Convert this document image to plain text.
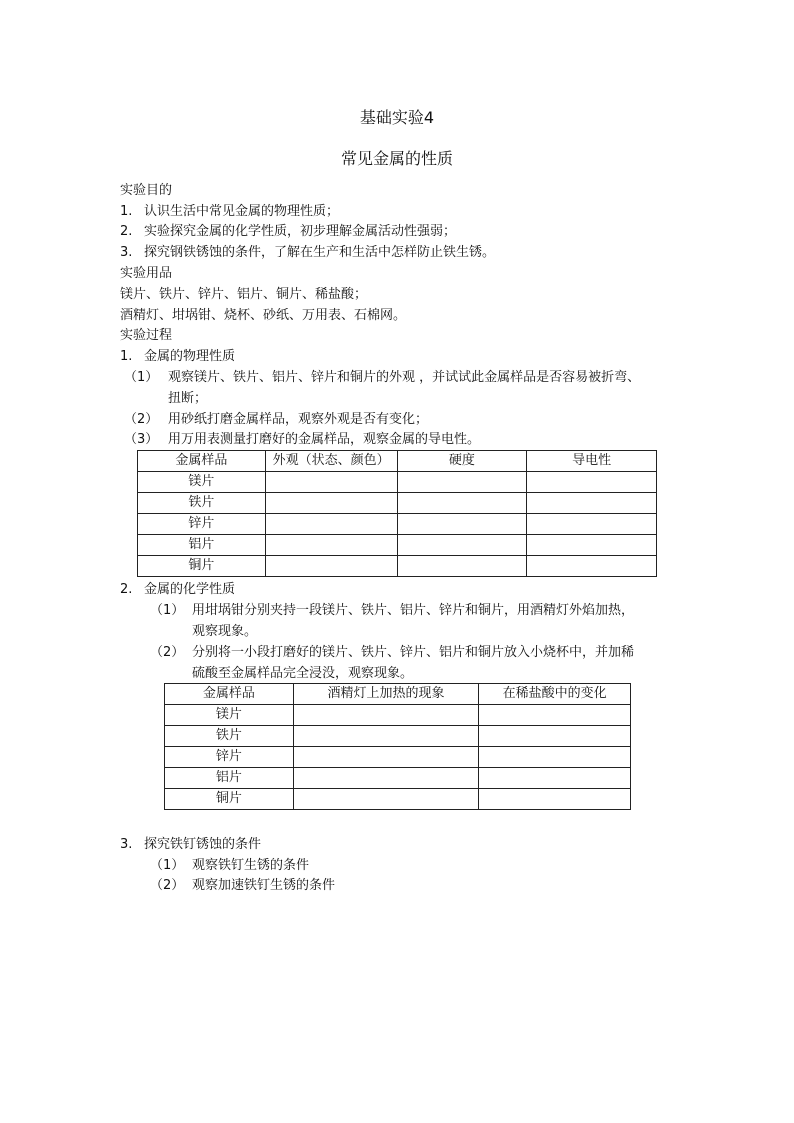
基础实验4
常见金属的性质
实验目的
1. 认识生活中常见金属的物理性质；
2. 实验探究金属的化学性质，初步理解金属活动性强弱；
3. 探究钢铁锈蚀的条件，了解在生产和生活中怎样防止铁生锈。
实验用品
镁片、铁片、锌片、铝片、铜片、稀盐酸；
酒精灯、坩埚钳、烧杯、砂纸、万用表、石棉网。
实验过程
1. 金属的物理性质
（1） 观察镁片、铁片、铝片、锌片和铜片的外观 ，并试试此金属样品是否容易被折弯、
扭断；
（2） 用砂纸打磨金属样品，观察外观是否有变化；
（3） 用万用表测量打磨好的金属样品，观察金属的导电性。
金属样品	外观（状态、颜色）	硬度	导电性
镁片			
铁片			
锌片			
铝片			
铜片			
2. 金属的化学性质
（1） 用坩埚钳分别夹持一段镁片、铁片、铝片、锌片和铜片，用酒精灯外焰加热，
观察现象。
（2） 分别将一小段打磨好的镁片、铁片、锌片、铝片和铜片放入小烧杯中，并加稀
硫酸至金属样品完全浸没，观察现象。
金属样品	酒精灯上加热的现象	在稀盐酸中的变化
镁片		
铁片		
锌片		
铝片		
铜片		
3. 探究铁钉锈蚀的条件
（1） 观察铁钉生锈的条件
（2） 观察加速铁钉生锈的条件
